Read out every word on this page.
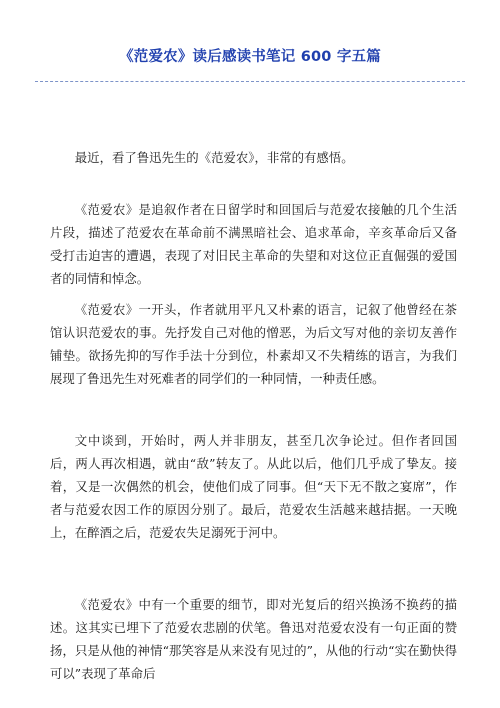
《范爱农》读后感读书笔记 600 字五篇

最近，看了鲁迅先生的《范爱农》，非常的有感悟。

《范爱农》是追叙作者在日留学时和回国后与范爱农接触的几个生活片段，描述了范爱农在革命前不满黑暗社会、追求革命，辛亥革命后又备受打击迫害的遭遇，表现了对旧民主革命的失望和对这位正直倔强的爱国者的同情和悼念。

《范爱农》一开头，作者就用平凡又朴素的语言，记叙了他曾经在茶馆认识范爱农的事。先抒发自己对他的憎恶，为后文写对他的亲切友善作铺垫。欲扬先抑的写作手法十分到位，朴素却又不失精练的语言，为我们展现了鲁迅先生对死难者的同学们的一种同情，一种责任感。

文中谈到，开始时，两人并非朋友，甚至几次争论过。但作者回国后，两人再次相遇，就由“敌”转友了。从此以后，他们几乎成了挚友。接着，又是一次偶然的机会，使他们成了同事。但“天下无不散之宴席”，作者与范爱农因工作的原因分别了。最后，范爱农生活越来越拮据。一天晚上，在醉酒之后，范爱农失足溺死于河中。

《范爱农》中有一个重要的细节，即对光复后的绍兴换汤不换药的描述。这其实已埋下了范爱农悲剧的伏笔。鲁迅对范爱农没有一句正面的赞扬，只是从他的神情“那笑容是从来没有见过的”，从他的行动“实在勤快得可以”表现了革命后
